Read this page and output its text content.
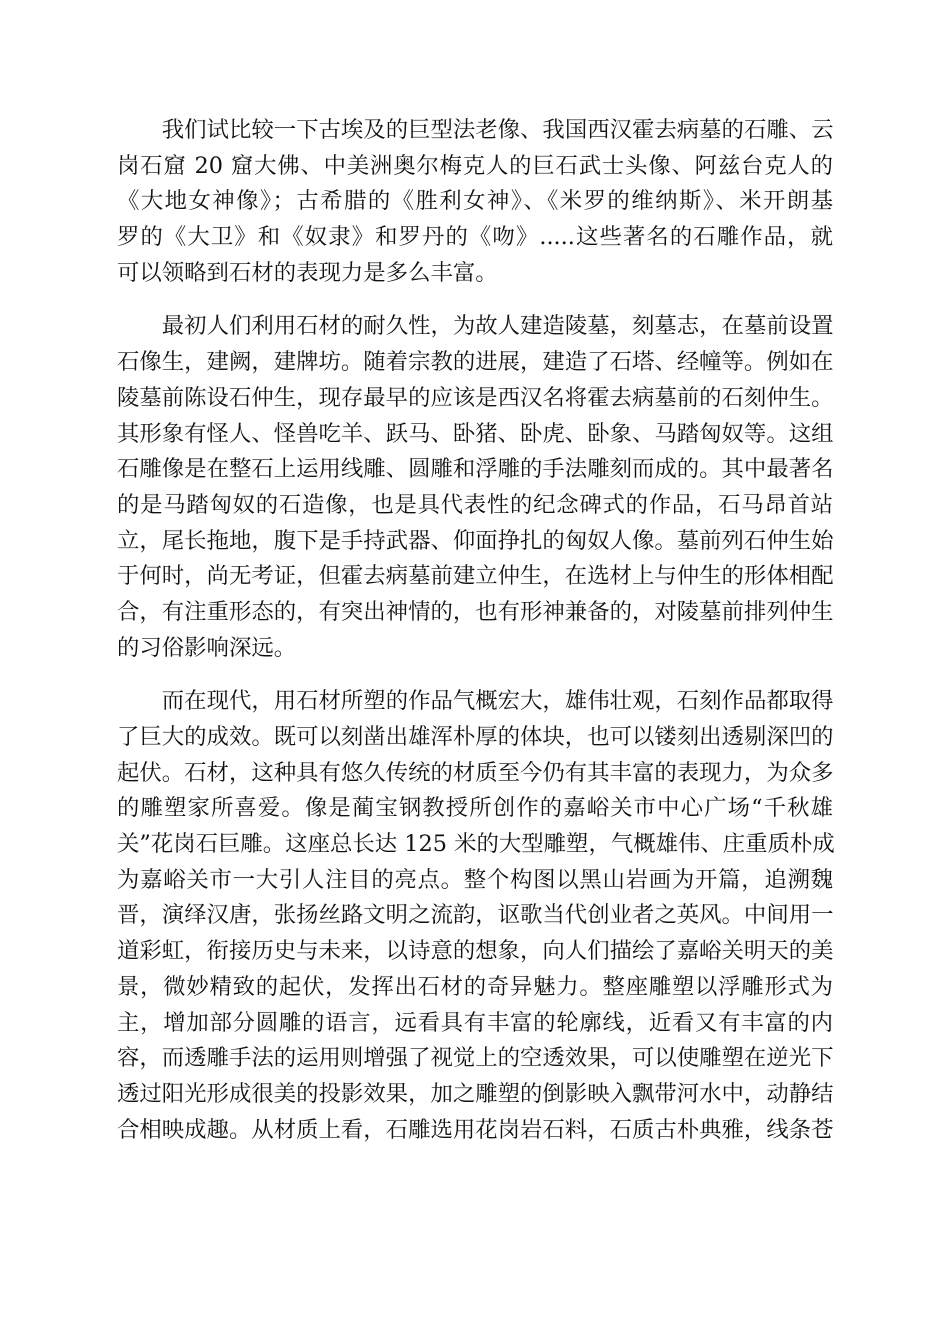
我们试比较一下古埃及的巨型法老像、我国西汉霍去病墓的石雕、云
岗石窟 20 窟大佛、中美洲奥尔梅克人的巨石武士头像、阿兹台克人的
《大地女神像》；古希腊的《胜利女神》、《米罗的维纳斯》、米开朗基
罗的《大卫》和《奴隶》和罗丹的《吻》.....这些著名的石雕作品，就
可以领略到石材的表现力是多么丰富。
最初人们利用石材的耐久性，为故人建造陵墓，刻墓志，在墓前设置
石像生，建阙，建牌坊。随着宗教的进展，建造了石塔、经幢等。例如在
陵墓前陈设石仲生，现存最早的应该是西汉名将霍去病墓前的石刻仲生。
其形象有怪人、怪兽吃羊、跃马、卧猪、卧虎、卧象、马踏匈奴等。这组
石雕像是在整石上运用线雕、圆雕和浮雕的手法雕刻而成的。其中最著名
的是马踏匈奴的石造像，也是具代表性的纪念碑式的作品，石马昂首站
立，尾长拖地，腹下是手持武器、仰面挣扎的匈奴人像。墓前列石仲生始
于何时，尚无考证，但霍去病墓前建立仲生，在选材上与仲生的形体相配
合，有注重形态的，有突出神情的，也有形神兼备的，对陵墓前排列仲生
的习俗影响深远。
而在现代，用石材所塑的作品气概宏大，雄伟壮观，石刻作品都取得
了巨大的成效。既可以刻凿出雄浑朴厚的体块，也可以镂刻出透剔深凹的
起伏。石材，这种具有悠久传统的材质至今仍有其丰富的表现力，为众多
的雕塑家所喜爱。像是蔺宝钢教授所创作的嘉峪关市中心广场“千秋雄
关”花岗石巨雕。这座总长达 125 米的大型雕塑，气概雄伟、庄重质朴成
为嘉峪关市一大引人注目的亮点。整个构图以黑山岩画为开篇，追溯魏
晋，演绎汉唐，张扬丝路文明之流韵，讴歌当代创业者之英风。中间用一
道彩虹，衔接历史与未来，以诗意的想象，向人们描绘了嘉峪关明天的美
景，微妙精致的起伏，发挥出石材的奇异魅力。整座雕塑以浮雕形式为
主，增加部分圆雕的语言，远看具有丰富的轮廓线，近看又有丰富的内
容，而透雕手法的运用则增强了视觉上的空透效果，可以使雕塑在逆光下
透过阳光形成很美的投影效果，加之雕塑的倒影映入飘带河水中，动静结
合相映成趣。从材质上看，石雕选用花岗岩石料，石质古朴典雅，线条苍
